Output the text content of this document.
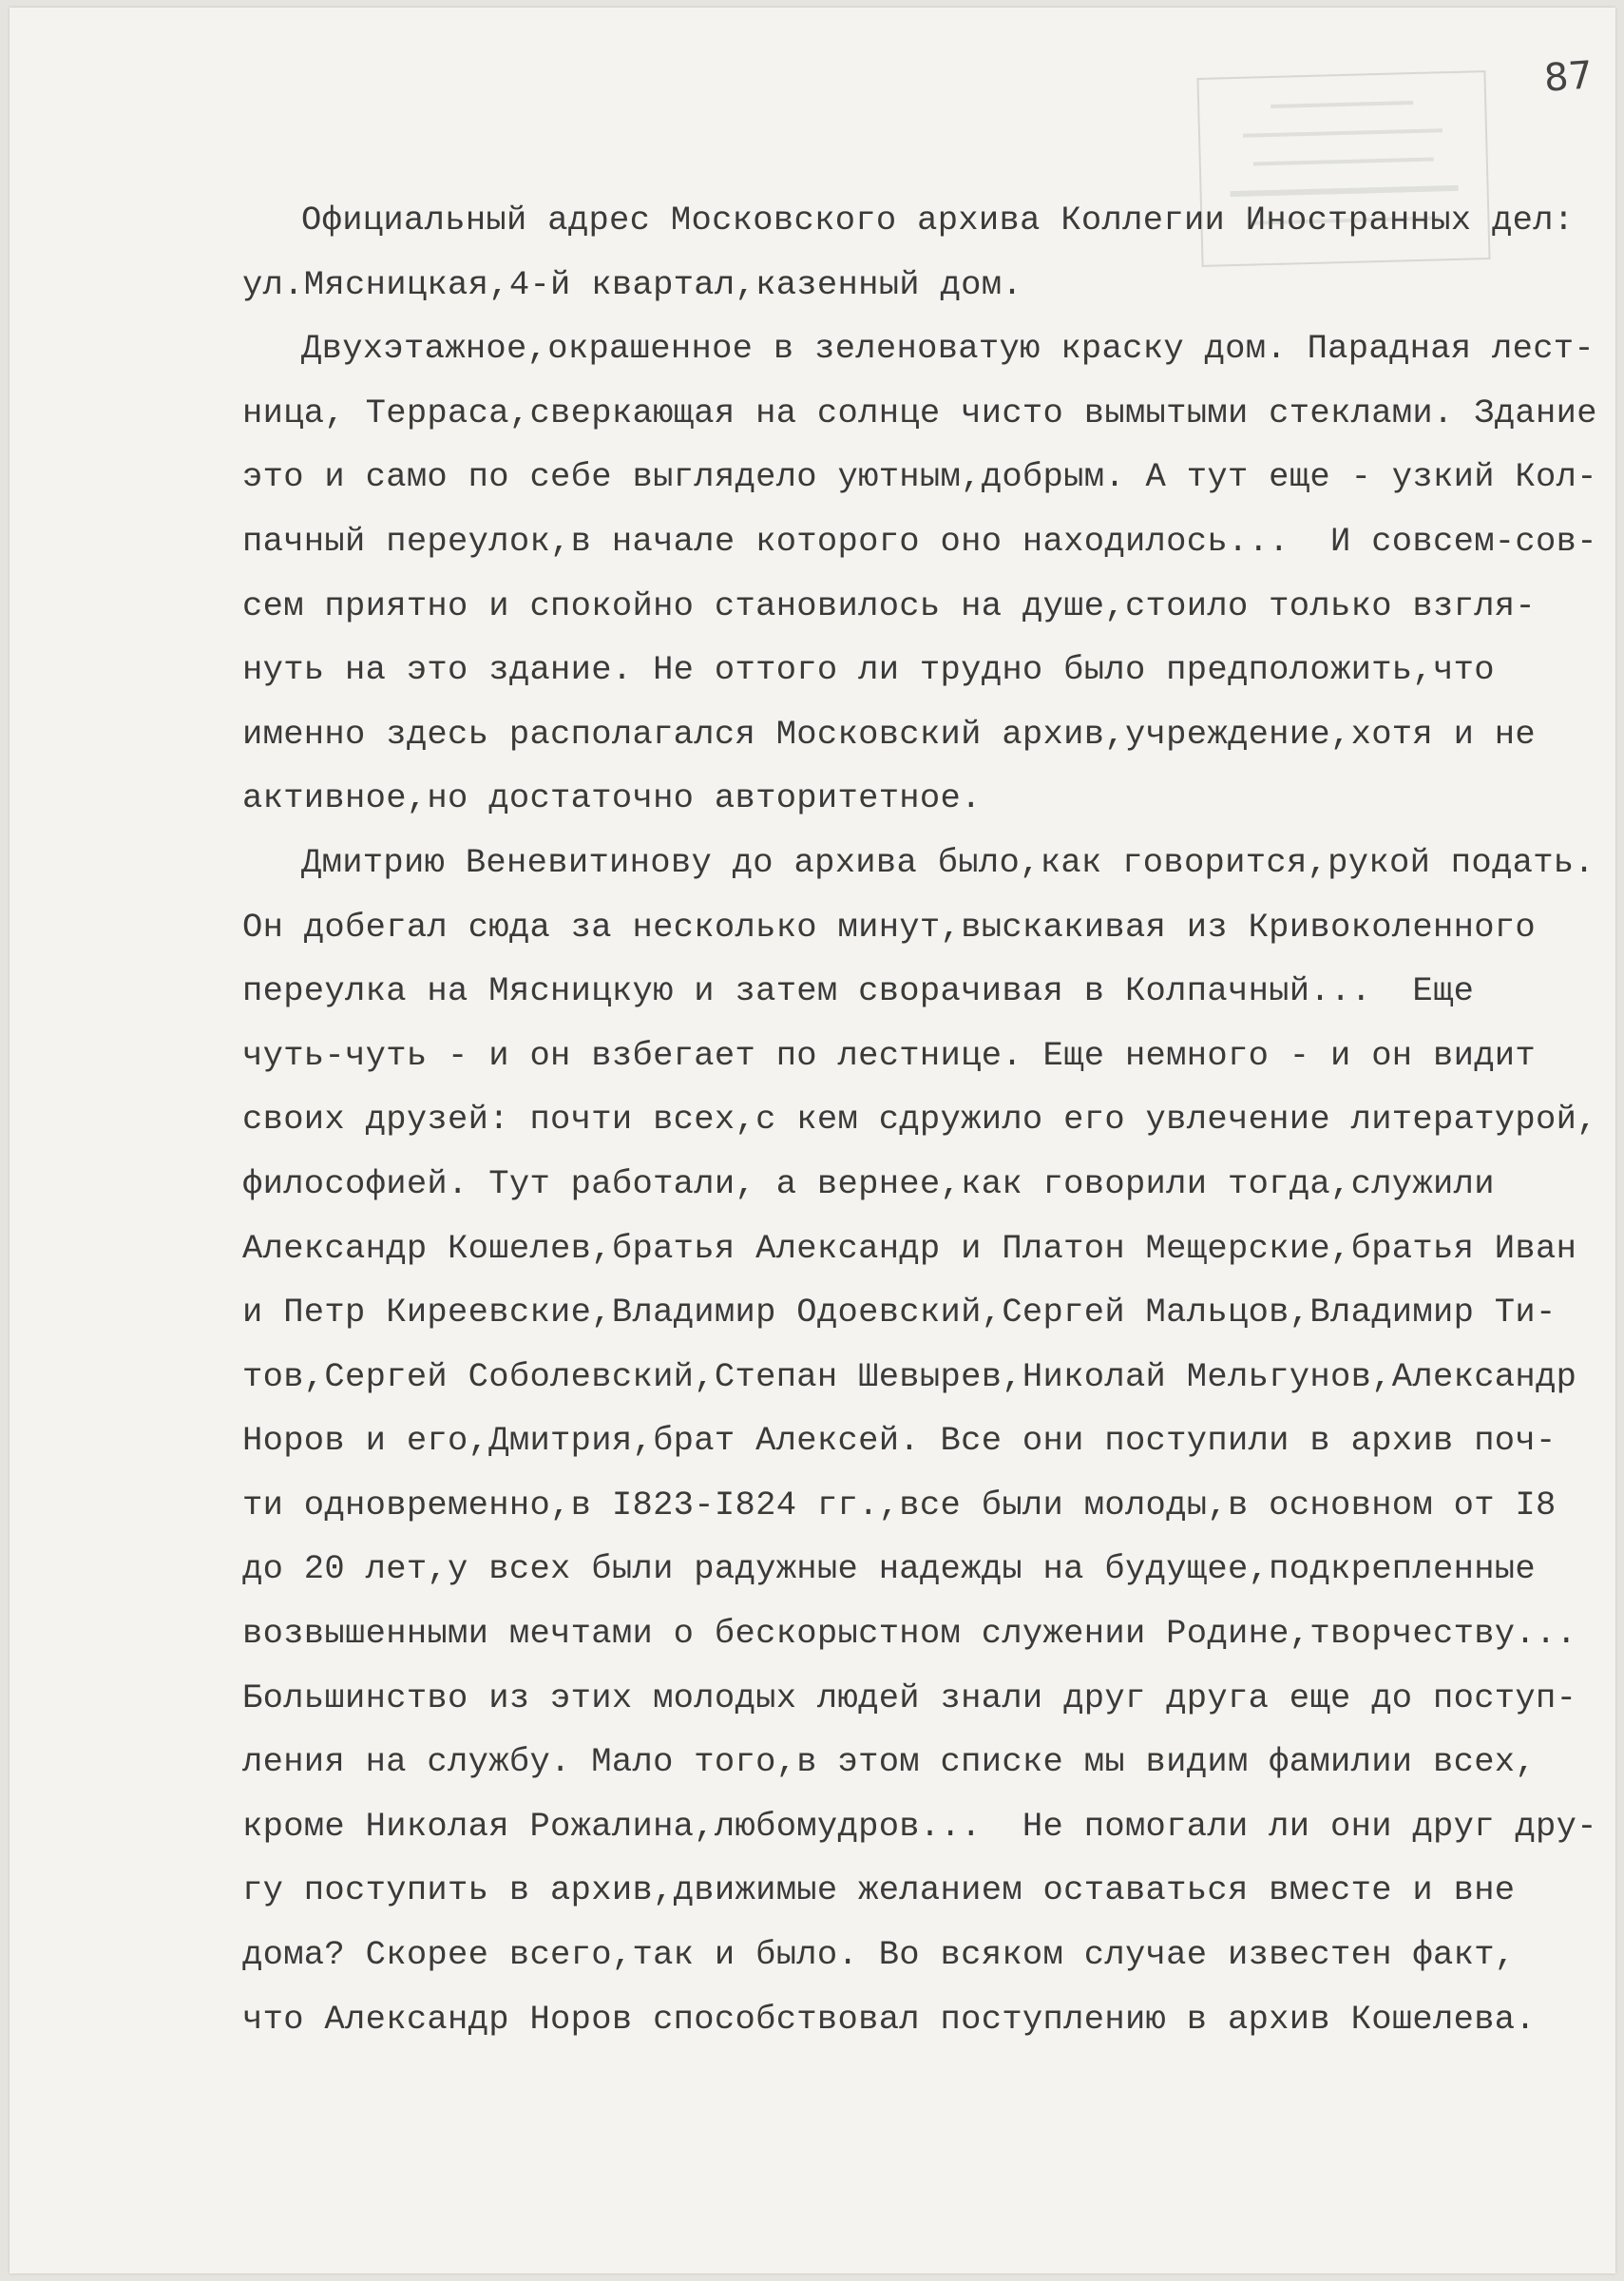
87
Официальный адрес Московского архива Коллегии Иностранных дел:
ул.Мясницкая,4-й квартал,казенный дом.
Двухэтажное,окрашенное в зеленоватую краску дом. Парадная лест-
ница, Терраса,сверкающая на солнце чисто вымытыми стеклами. Здание
это и само по себе выглядело уютным,добрым. А тут еще - узкий Кол-
пачный переулок,в начале которого оно находилось...  И совсем-сов-
сем приятно и спокойно становилось на душе,стоило только взгля-
нуть на это здание. Не оттого ли трудно было предположить,что
именно здесь располагался Московский архив,учреждение,хотя и не
активное,но достаточно авторитетное.
Дмитрию Веневитинову до архива было,как говорится,рукой подать.
Он добегал сюда за несколько минут,выскакивая из Кривоколенного
переулка на Мясницкую и затем сворачивая в Колпачный...  Еще
чуть-чуть - и он взбегает по лестнице. Еще немного - и он видит
своих друзей: почти всех,с кем сдружило его увлечение литературой,
философией. Тут работали, а вернее,как говорили тогда,служили
Александр Кошелев,братья Александр и Платон Мещерские,братья Иван
и Петр Киреевские,Владимир Одоевский,Сергей Мальцов,Владимир Ти-
тов,Сергей Соболевский,Степан Шевырев,Николай Мельгунов,Александр
Норов и его,Дмитрия,брат Алексей. Все они поступили в архив поч-
ти одновременно,в I823-I824 гг.,все были молоды,в основном от I8
до 20 лет,у всех были радужные надежды на будущее,подкрепленные
возвышенными мечтами о бескорыстном служении Родине,творчеству...
Большинство из этих молодых людей знали друг друга еще до поступ-
ления на службу. Мало того,в этом списке мы видим фамилии всех,
кроме Николая Рожалина,любомудров...  Не помогали ли они друг дру-
гу поступить в архив,движимые желанием оставаться вместе и вне
дома? Скорее всего,так и было. Во всяком случае известен факт,
что Александр Норов способствовал поступлению в архив Кошелева.
